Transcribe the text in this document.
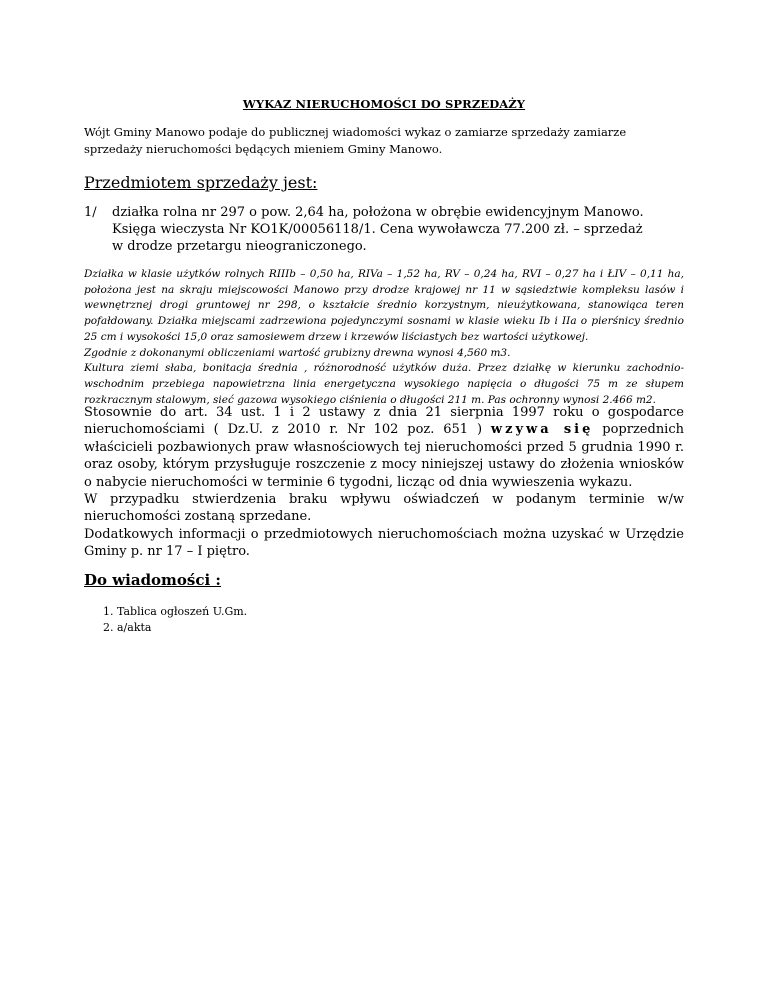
WYKAZ NIERUCHOMOŚCI DO SPRZEDAŻY
Wójt Gminy Manowo podaje do publicznej wiadomości wykaz o zamiarze sprzedaży zamiarze sprzedaży nieruchomości będących mieniem Gminy Manowo.
Przedmiotem sprzedaży jest:
1/ działka rolna nr 297 o pow. 2,64 ha, położona w obrębie ewidencyjnym Manowo.
Księga wieczysta Nr KO1K/00056118/1. Cena wywoławcza 77.200 zł. – sprzedaż
w drodze przetargu nieograniczonego.

Działka w klasie użytków rolnych RIIIb – 0,50 ha, RIVa – 1,52 ha, RV – 0,24 ha, RVI – 0,27 ha i ŁIV – 0,11 ha, położona jest na skraju miejscowości Manowo przy drodze krajowej nr 11 w sąsiedztwie kompleksu lasów i wewnętrznej drogi gruntowej nr 298, o kształcie średnio korzystnym, nieużytkowana, stanowiąca teren pofałdowany. Działka miejscami zadrzewiona pojedynczymi sosnami w klasie wieku Ib i IIa o pierśnicy średnio 25 cm i wysokości 15,0 oraz samosiewem drzew i krzewów liściastych bez wartości użytkowej.

Zgodnie z dokonanymi obliczeniami wartość grubizny drewna wynosi 4,560 m3.

Kultura ziemi słaba, bonitacja średnia , różnorodność użytków duża. Przez działkę w kierunku zachodnio-wschodnim przebiega napowietrzna linia energetyczna wysokiego napięcia o długości 75 m ze słupem rozkracznym stalowym, sieć gazowa wysokiego ciśnienia o długości 211 m. Pas ochronny wynosi 2.466 m2.

Stosownie do art. 34 ust. 1 i 2 ustawy z dnia 21 sierpnia 1997 roku o gospodarce nieruchomościami ( Dz.U. z 2010 r. Nr 102 poz. 651 ) wzywa się poprzednich właścicieli pozbawionych praw własnościowych tej nieruchomości przed 5 grudnia 1990 r. oraz osoby, którym przysługuje roszczenie z mocy niniejszej ustawy do złożenia wniosków o nabycie nieruchomości w terminie 6 tygodni, licząc od dnia wywieszenia wykazu.

W przypadku stwierdzenia braku wpływu oświadczeń w podanym terminie w/w nieruchomości zostaną sprzedane.

Dodatkowych informacji o przedmiotowych nieruchomościach można uzyskać w Urzędzie Gminy p. nr 17 – I piętro.

Do wiadomości :
1. Tablica ogłoszeń U.Gm.
2. a/akta
